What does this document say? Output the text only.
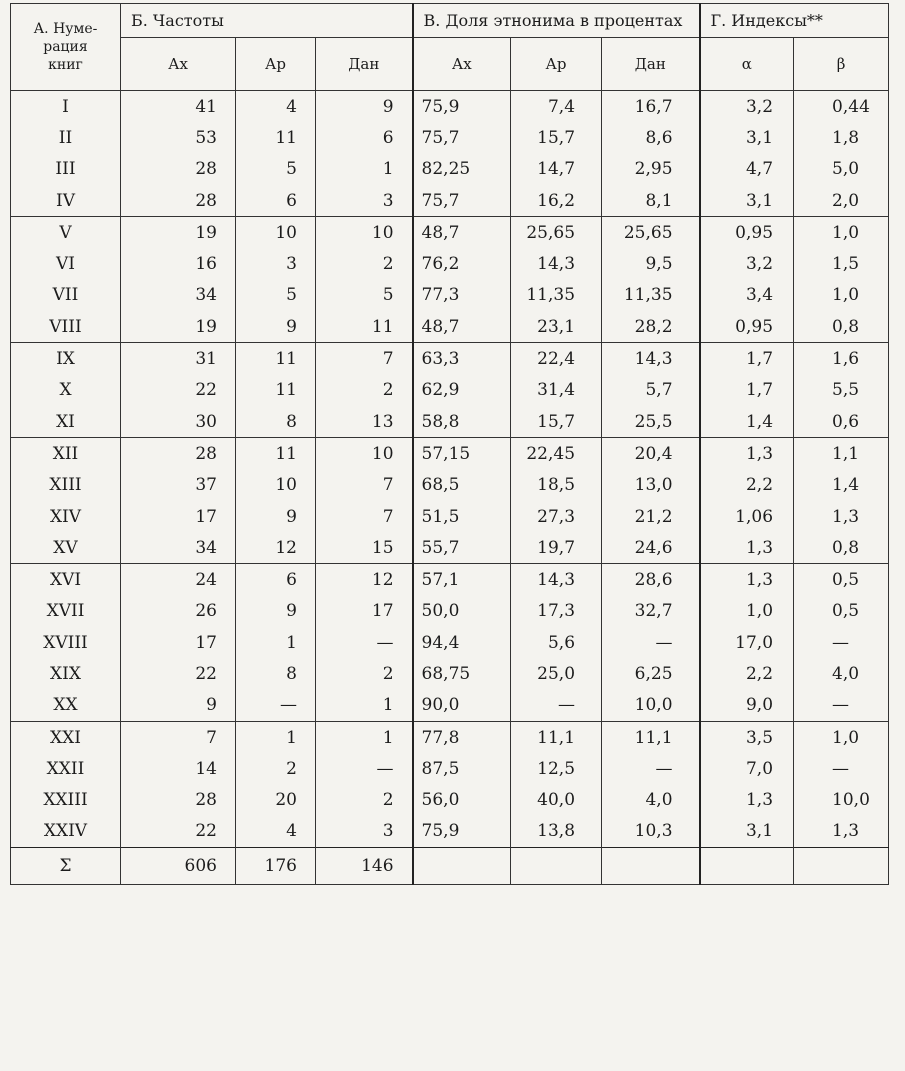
А. Нуме-
рация
книг	Б. Частоты			В. Доля этнонима в процентах			Г. Индексы**	
	Ах	Ар	Дан	Ах	Ар	Дан	α	β
I	41	4	9	75,9	7,4	16,7	3,2	0,44
II	53	11	6	75,7	15,7	8,6	3,1	1,8
III	28	5	1	82,25	14,7	2,95	4,7	5,0
IV	28	6	3	75,7	16,2	8,1	3,1	2,0
V	19	10	10	48,7	25,65	25,65	0,95	1,0
VI	16	3	2	76,2	14,3	9,5	3,2	1,5
VII	34	5	5	77,3	11,35	11,35	3,4	1,0
VIII	19	9	11	48,7	23,1	28,2	0,95	0,8
IX	31	11	7	63,3	22,4	14,3	1,7	1,6
X	22	11	2	62,9	31,4	5,7	1,7	5,5
XI	30	8	13	58,8	15,7	25,5	1,4	0,6
XII	28	11	10	57,15	22,45	20,4	1,3	1,1
XIII	37	10	7	68,5	18,5	13,0	2,2	1,4
XIV	17	9	7	51,5	27,3	21,2	1,06	1,3
XV	34	12	15	55,7	19,7	24,6	1,3	0,8
XVI	24	6	12	57,1	14,3	28,6	1,3	0,5
XVII	26	9	17	50,0	17,3	32,7	1,0	0,5
XVIII	17	1	—	94,4	5,6	—	17,0	—
XIX	22	8	2	68,75	25,0	6,25	2,2	4,0
XX	9	—	1	90,0	—	10,0	9,0	—
XXI	7	1	1	77,8	11,1	11,1	3,5	1,0
XXII	14	2	—	87,5	12,5	—	7,0	—
XXIII	28	20	2	56,0	40,0	4,0	1,3	10,0
XXIV	22	4	3	75,9	13,8	10,3	3,1	1,3
Σ	606	176	146					
